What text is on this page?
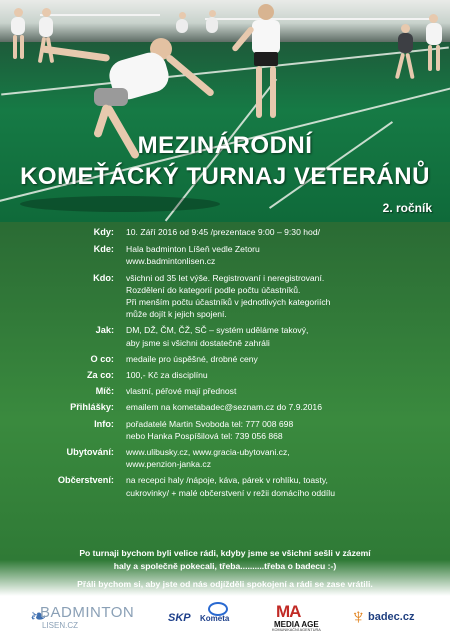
MEZINÁRODNÍ
KOMEŤÁCKÝ TURNAJ VETERÁNŮ
2. ročník
Kdy:	10. Září 2016 od 9:45 /prezentace 9:00 – 9:30 hod/
Kde:	Hala badminton Líšeň vedle Zetoru
www.badmintonlisen.cz
Kdo:	všichni od 35 let výše. Registrovaní i neregistrovaní.
Rozdělení do kategorií podle počtu účastníků.
Při menším počtu účastníků v jednotlivých kategoriích
může dojít k jejich spojení.
Jak:	DM, DŽ, ČM, ČŽ, SČ – systém uděláme takový,
aby jsme si všichni dostatečně zahráli
O co:	medaile pro úspěšné, drobné ceny
Za co:	100,- Kč za disciplínu
Míč:	vlastní, péřové mají přednost
Přihlášky:	emailem na kometabadec@seznam.cz do 7.9.2016
Info:	pořadatelé Martin Svoboda tel: 777 008 698
nebo Hanka Pospíšilová tel: 739 056 868
Ubytování:	www.ulibusky.cz, www.gracia-ubytovani.cz,
www.penzion-janka.cz
Občerstvení:	na recepci haly /nápoje, káva, párek v rohlíku, toasty,
cukrovinky/ + malé občerstvení v režii domácího oddílu
Po turnaji bychom byli velice rádi, kdyby jsme se všichni sešli v zázemí
haly a společně pokecali, třeba..........třeba o badecu :-)
Přáli bychom si, aby jste od nás odjížděli spokojení a rádi se zase vrátili.
❧
BADMINTON
LISEN.CZ
SKP Kometa	MA
MEDIA AGE
KOMUNIKAČNÍ AGENTURA
♆ badec.cz
